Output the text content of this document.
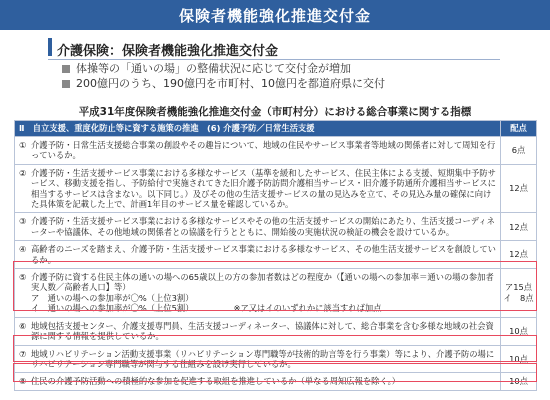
保険者機能強化推進交付金
介護保険：保険者機能強化推進交付金
体操等の「通いの場」の整備状況に応じて交付金が増加
200億円のうち、190億円を市町村、10億円を都道府県に交付
平成31年度保険者機能強化推進交付金（市町村分）における総合事業に関する指標
Ⅱ　自立支援、重度化防止等に資する施策の推進　(6) 介護予防／日常生活支援	配点

① 介護予防・日常生活支援総合事業の創設やその趣旨について、地域の住民やサービス事業者等地域の関係者に対して周知を行っているか。	6点

② 介護予防・生活支援サービス事業における多様なサービス（基準を緩和したサービス、住民主体による支援、短期集中予防サービス、移動支援を指し、予防給付で実施されてきた旧介護予防訪問介護相当サービス・旧介護予防通所介護相当サービスに相当するサービスは含まない。以下同じ。）及びその他の生活支援サービスの量の見込みを立て、その見込み量の確保に向けた具体策を記載した上で、計画1年目のサービス量を確認しているか。	12点

③ 介護予防・生活支援サービス事業における多様なサービスやその他の生活支援サービスの開始にあたり、生活支援コーディネーターや協議体、その他地域の関係者との協議を行うとともに、開始後の実施状況の検証の機会を設けているか。	12点

④ 高齢者のニーズを踏まえ、介護予防・生活支援サービス事業における多様なサービス、その他生活支援サービスを創設しているか。	12点

⑤ 介護予防に資する住民主体の通いの場への65歳以上の方の参加者数はどの程度か（【通いの場への参加率＝通いの場の参加者実人数／高齢者人口】等）
ア　通いの場への参加率が〇%（上位3割）
イ　通いの場への参加率が〇%（上位5割） ※ア又はイのいずれかに該当すれば加点	ア15点
イ　8点

⑥ 地域包括支援センター、介護支援専門員、生活支援コーディネーター、協議体に対して、総合事業を含む多様な地域の社会資源に関する情報を提供しているか。	10点

⑦ 地域リハビリテーション活動支援事業（リハビリテーション専門職等が技術的助言等を行う事業）等により、介護予防の場にリハビリテーション専門職等が関与する仕組みを設け実行しているか。	10点

⑧ 住民の介護予防活動への積極的な参加を促進する取組を推進しているか（単なる周知広報を除く。）	10点
